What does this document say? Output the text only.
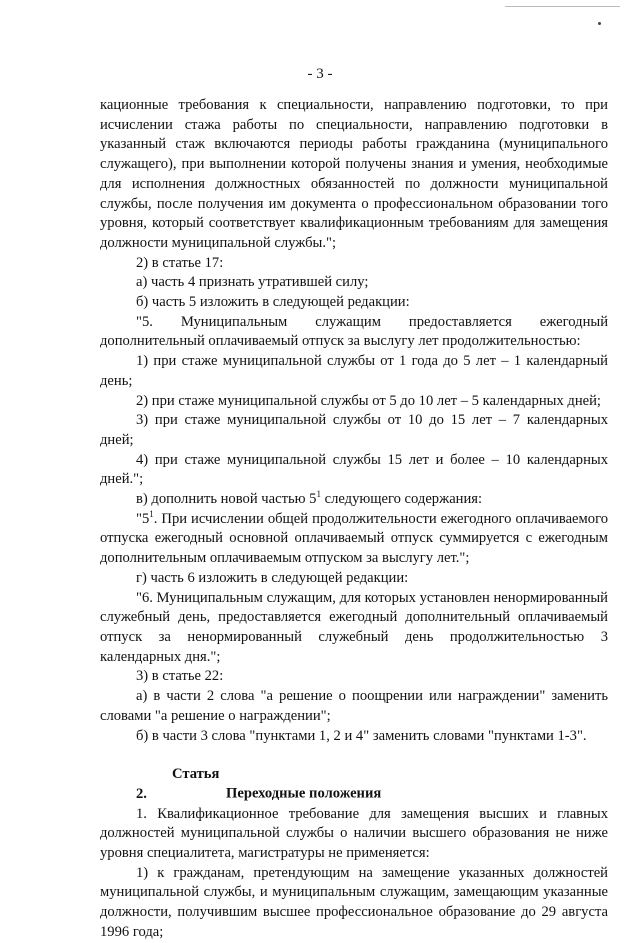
- 3 -

кационные требования к специальности, направлению подготовки, то при исчислении стажа работы по специальности, направлению подготовки в указанный стаж включаются периоды работы гражданина (муниципального служащего), при выполнении которой получены знания и умения, необходимые для исполнения должностных обязанностей по должности муниципальной службы, после получения им документа о профессиональном образовании того уровня, который соответствует квалификационным требованиям для замещения должности муниципальной службы.";

2) в статье 17:

а) часть 4 признать утратившей силу;

б) часть 5 изложить в следующей редакции:

"5. Муниципальным служащим предоставляется ежегодный дополнительный оплачиваемый отпуск за выслугу лет продолжительностью:

1) при стаже муниципальной службы от 1 года до 5 лет – 1 календарный день;

2) при стаже муниципальной службы от 5 до 10 лет – 5 календарных дней;

3) при стаже муниципальной службы от 10 до 15 лет – 7 календарных дней;

4) при стаже муниципальной службы 15 лет и более – 10 календарных дней.";

в) дополнить новой частью $5^1$ следующего содержания:

"$5^1$. При исчислении общей продолжительности ежегодного оплачиваемого отпуска ежегодный основной оплачиваемый отпуск суммируется с ежегодным дополнительным оплачиваемым отпуском за выслугу лет.";

г) часть 6 изложить в следующей редакции:

"6. Муниципальным служащим, для которых установлен ненормированный служебный день, предоставляется ежегодный дополнительный оплачиваемый отпуск за ненормированный служебный день продолжительностью 3 календарных дня.";

3) в статье 22:

а) в части 2 слова "а решение о поощрении или награждении" заменить словами "а решение о награждении";

б) в части 3 слова "пунктами 1, 2 и 4" заменить словами "пунктами 1-3".

Статья 2.	Переходные положения

1. Квалификационное требование для замещения высших и главных должностей муниципальной службы о наличии высшего образования не ниже уровня специалитета, магистратуры не применяется:

1) к гражданам, претендующим на замещение указанных должностей муниципальной службы, и муниципальным служащим, замещающим указанные должности, получившим высшее профессиональное образование до 29 августа 1996 года;
